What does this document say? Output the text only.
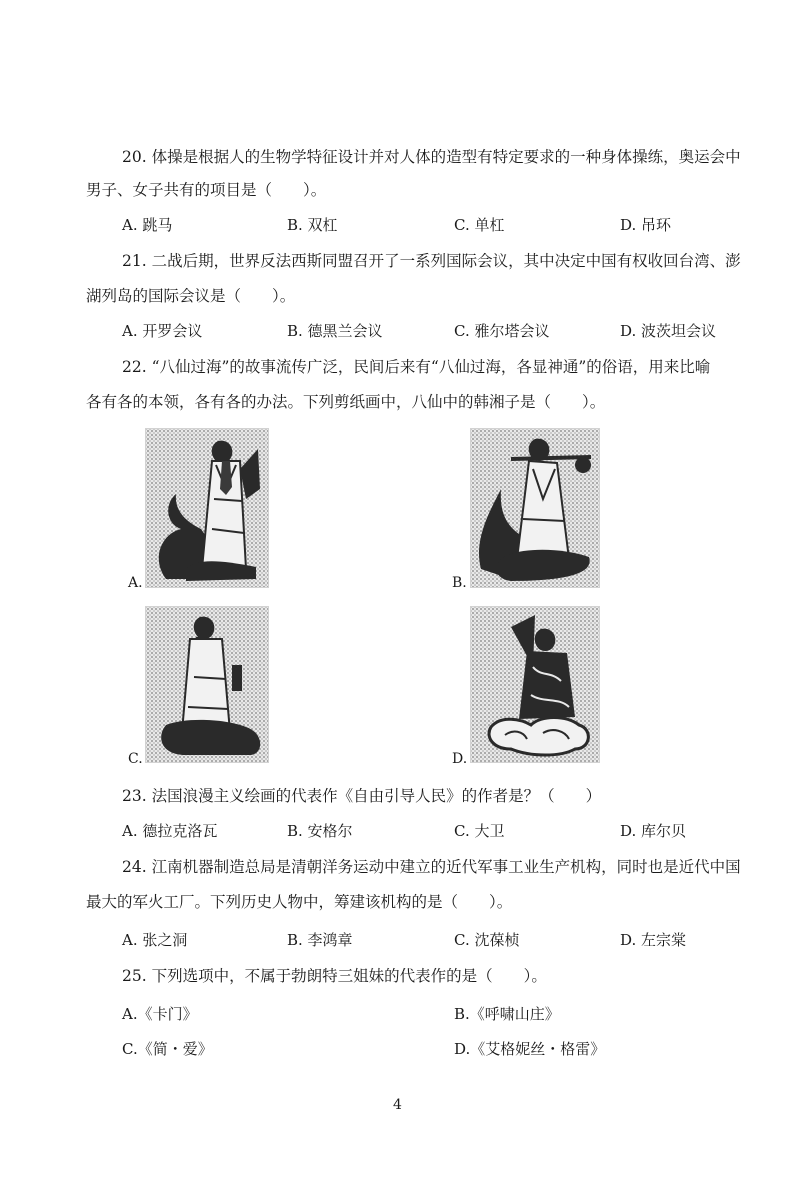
20. 体操是根据人的生物学特征设计并对人体的造型有特定要求的一种身体操练，奥运会中
男子、女子共有的项目是（　　）。
A. 跳马	B. 双杠	C. 单杠	D. 吊环
21. 二战后期，世界反法西斯同盟召开了一系列国际会议，其中决定中国有权收回台湾、澎
湖列岛的国际会议是（　　）。
A. 开罗会议	B. 德黑兰会议	C. 雅尔塔会议	D. 波茨坦会议
22. “八仙过海”的故事流传广泛，民间后来有“八仙过海，各显神通”的俗语，用来比喻
各有各的本领，各有各的办法。下列剪纸画中，八仙中的韩湘子是（　　）。
A.	B.
C.	D.
23. 法国浪漫主义绘画的代表作《自由引导人民》的作者是？（　　）
A. 德拉克洛瓦	B. 安格尔	C. 大卫	D. 库尔贝
24. 江南机器制造总局是清朝洋务运动中建立的近代军事工业生产机构，同时也是近代中国
最大的军火工厂。下列历史人物中，筹建该机构的是（　　）。
A. 张之洞	B. 李鸿章	C. 沈葆桢	D. 左宗棠
25. 下列选项中，不属于勃朗特三姐妹的代表作的是（　　）。
A.《卡门》	B.《呼啸山庄》
C.《简・爱》	D.《艾格妮丝・格雷》
4
